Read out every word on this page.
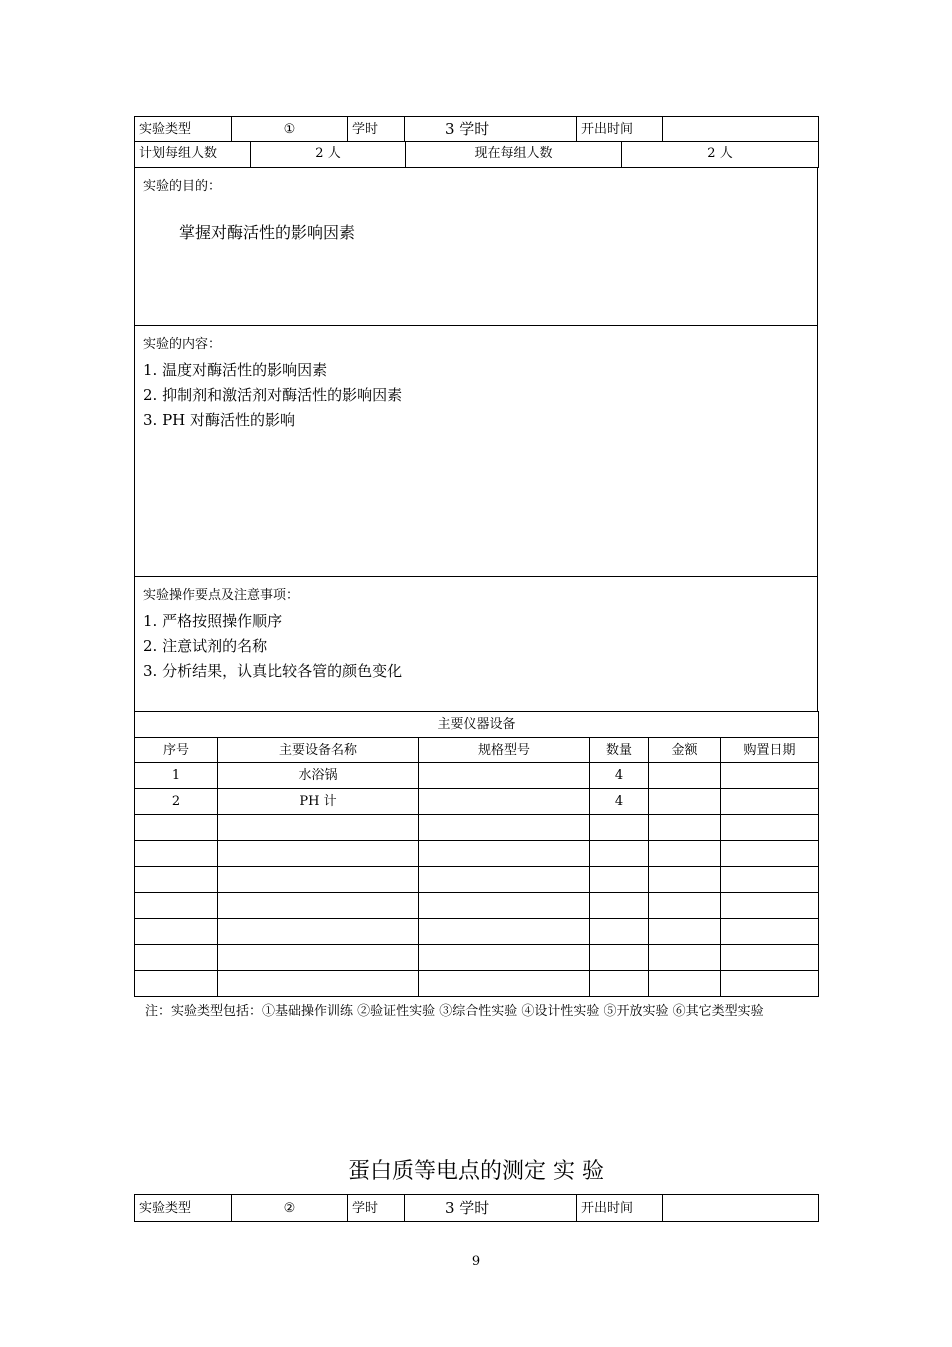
实验类型	①	学时	3 学时	开出时间	
计划每组人数	2 人	现在每组人数	2 人
实验的目的：
掌握对酶活性的影响因素
实验的内容：
1. 温度对酶活性的影响因素
2. 抑制剂和激活剂对酶活性的影响因素
3. PH 对酶活性的影响
实验操作要点及注意事项：
1. 严格按照操作顺序
2. 注意试剂的名称
3. 分析结果，认真比较各管的颜色变化
主要仪器设备					
序号	主要设备名称	规格型号	数量	金额	购置日期
1	水浴锅		4		
2	PH 计		4		

注：实验类型包括：①基础操作训练 ②验证性实验 ③综合性实验 ④设计性实验 ⑤开放实验 ⑥其它类型实验
蛋白质等电点的测定 实 验
实验类型	②	学时	3 学时	开出时间	
9
